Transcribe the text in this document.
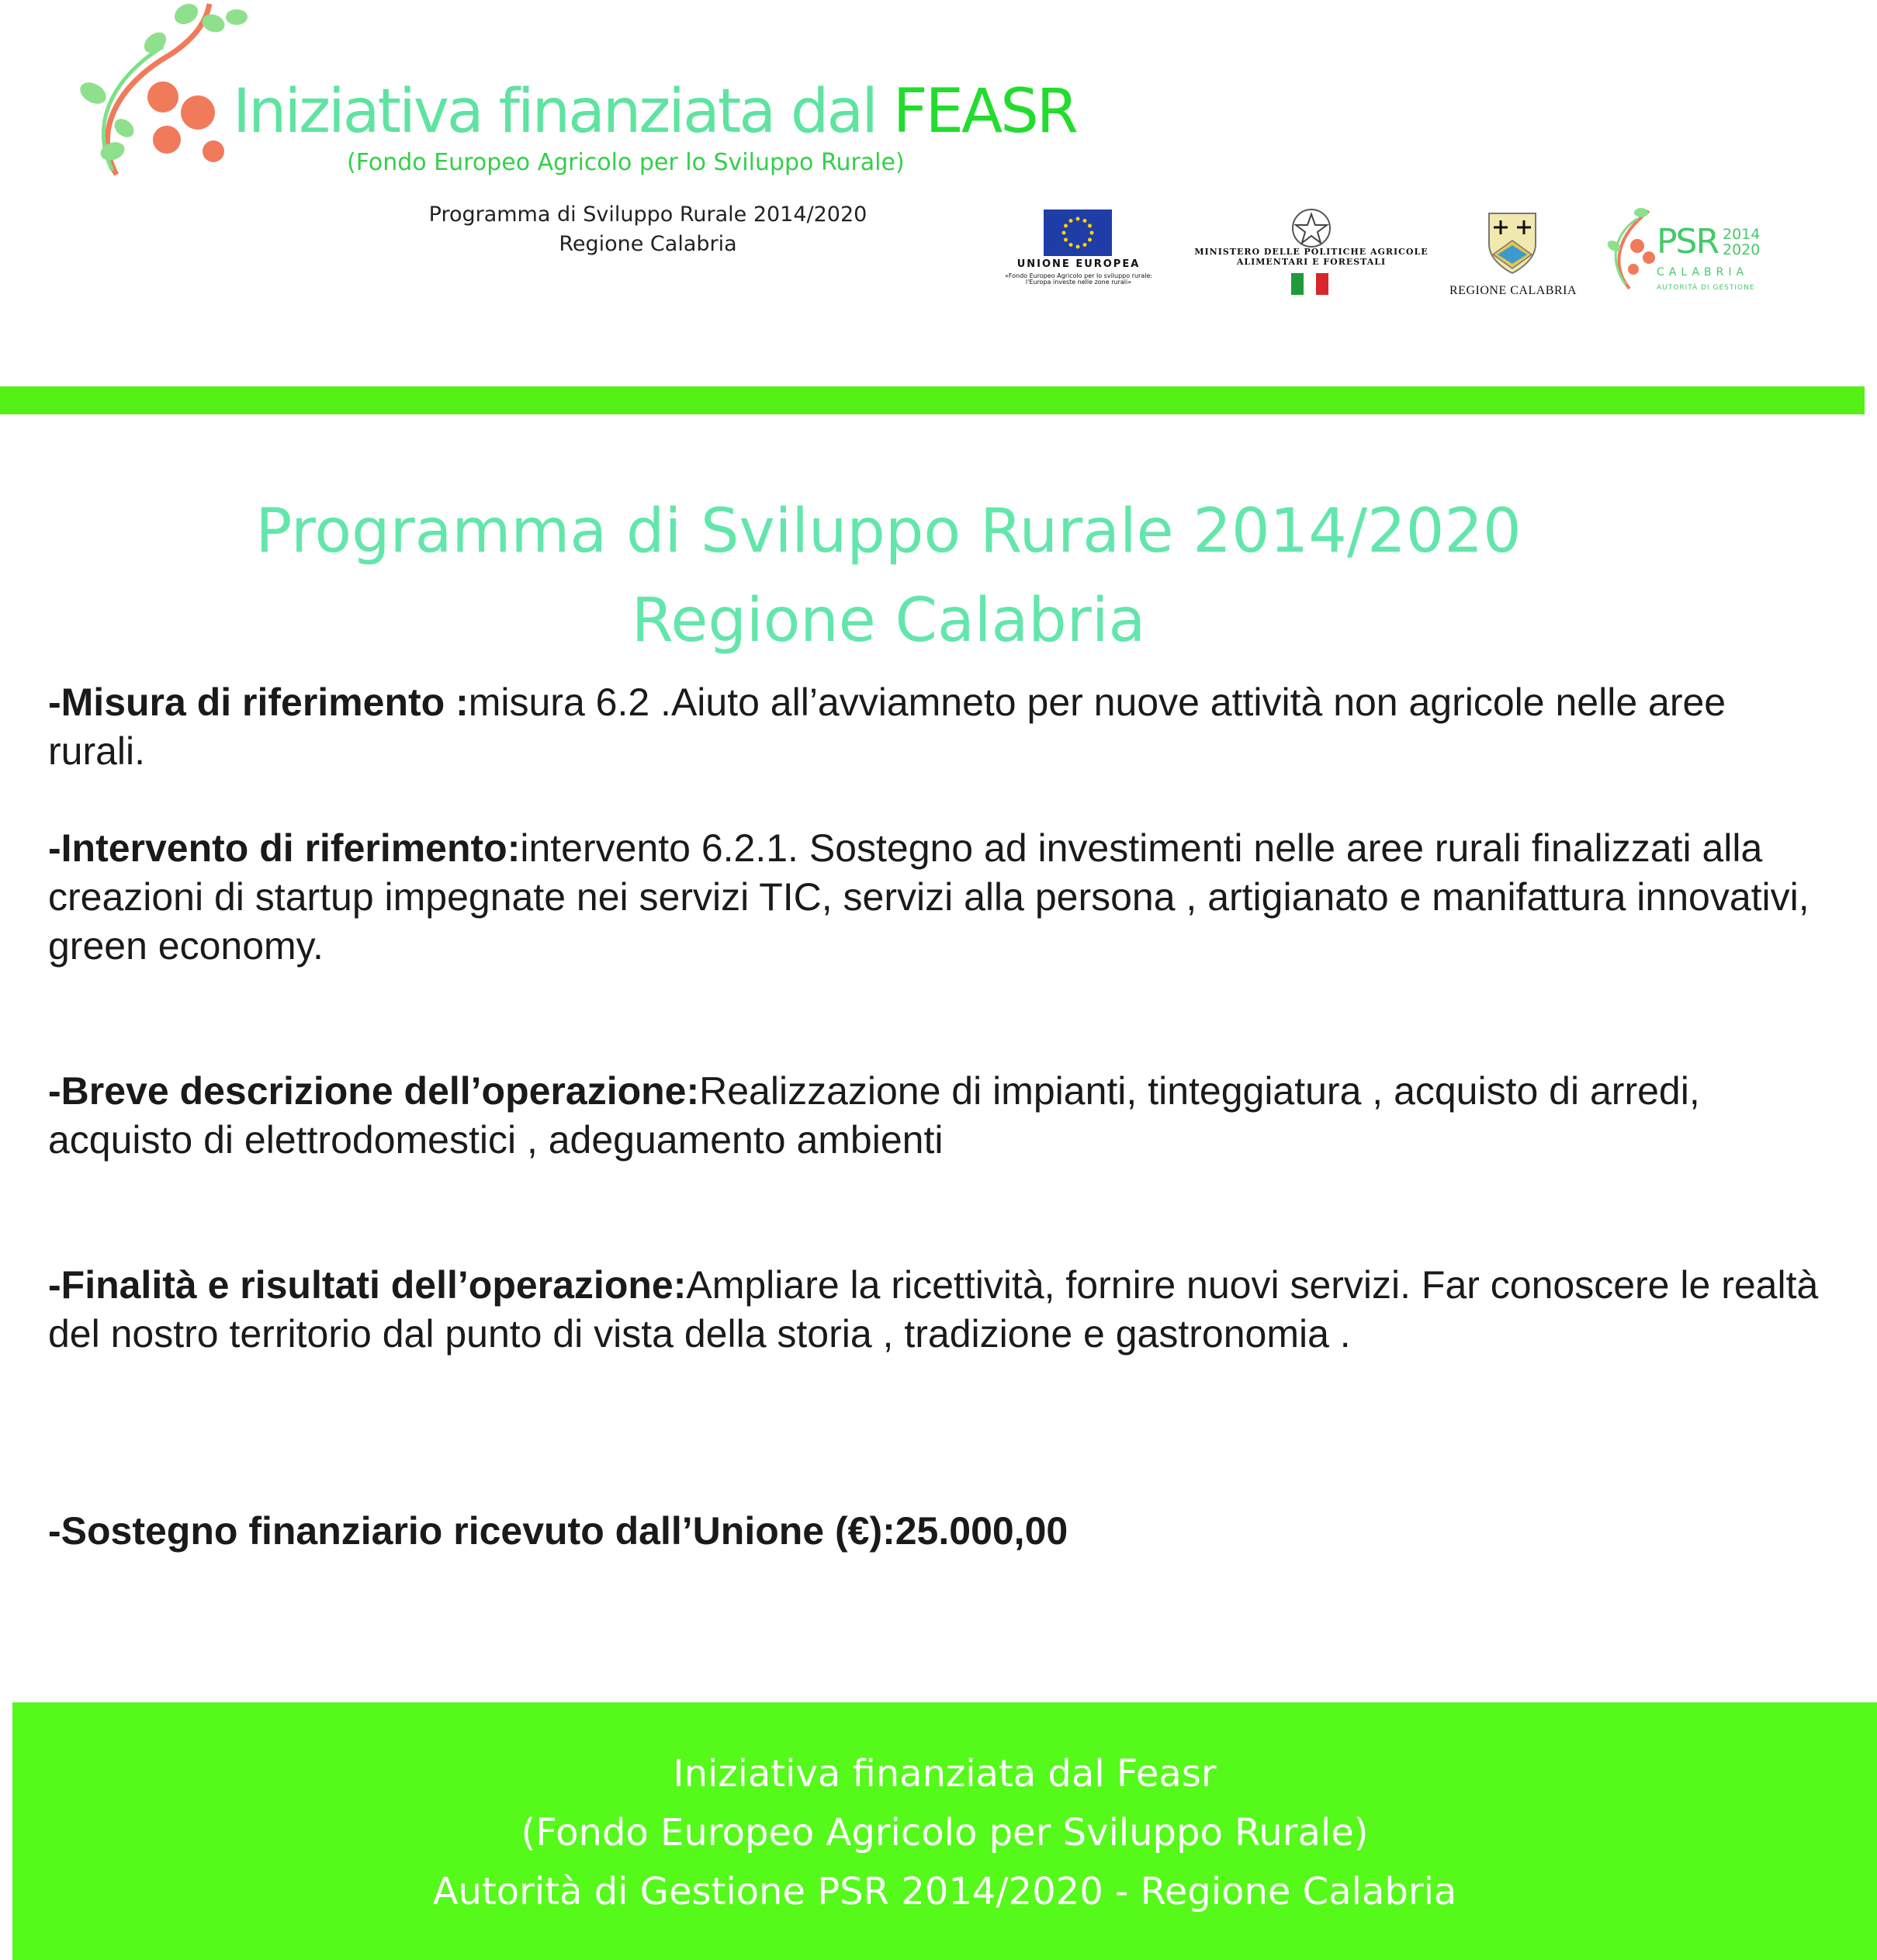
Iniziativa finanziata dal FEASR
(Fondo Europeo Agricolo per lo Sviluppo Rurale)
Programma di Sviluppo Rurale 2014/2020
Regione Calabria
UNIONE EUROPEA
«Fondo Europeo Agricolo per lo sviluppo rurale:
l'Europa investe nelle zone rurali»
MINISTERO DELLE POLITICHE AGRICOLE
ALIMENTARI E FORESTALI
REGIONE CALABRIA
PSR 2014
2020
CALABRIA
AUTORITÀ DI GESTIONE
Programma di Sviluppo Rurale 2014/2020
Regione Calabria
-Misura di riferimento :misura 6.2 .Aiuto all’avviamneto per nuove attività non agricole nelle aree rurali.
-Intervento di riferimento:intervento 6.2.1. Sostegno ad investimenti nelle aree rurali finalizzati alla creazioni di startup impegnate nei servizi TIC, servizi alla persona , artigianato e manifattura innovativi, green economy.
-Breve descrizione dell’operazione:Realizzazione di impianti, tinteggiatura , acquisto di arredi, acquisto di elettrodomestici , adeguamento ambienti
-Finalità e risultati dell’operazione:Ampliare la ricettività, fornire nuovi servizi. Far conoscere le realtà del nostro territorio dal punto di vista della storia , tradizione e gastronomia .
-Sostegno finanziario ricevuto dall’Unione (€):25.000,00
Iniziativa finanziata dal Feasr
(Fondo Europeo Agricolo per Sviluppo Rurale)
Autorità di Gestione PSR 2014/2020 - Regione Calabria
